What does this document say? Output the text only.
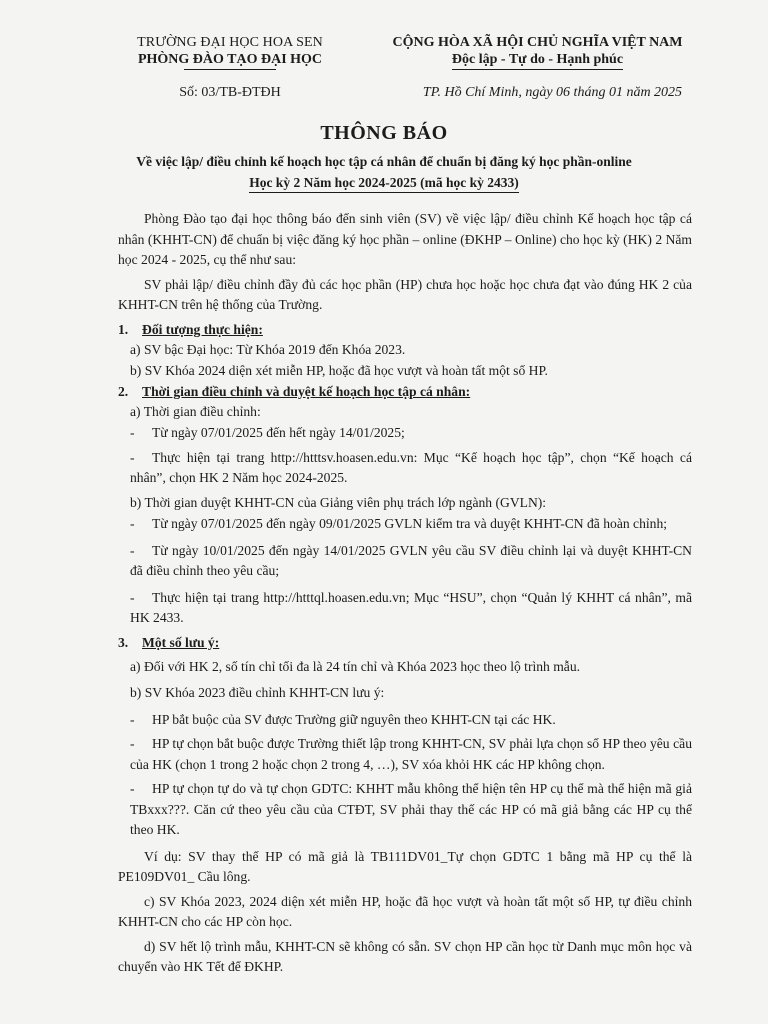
TRƯỜNG ĐẠI HỌC HOA SEN
PHÒNG ĐÀO TẠO ĐẠI HỌC
Số: 03/TB-ĐTĐH
CỘNG HÒA XÃ HỘI CHỦ NGHĨA VIỆT NAM
Độc lập - Tự do - Hạnh phúc
TP. Hồ Chí Minh, ngày 06 tháng 01 năm 2025
THÔNG BÁO
Về việc lập/ điều chỉnh kế hoạch học tập cá nhân để chuẩn bị đăng ký học phần-online
Học kỳ 2 Năm học 2024-2025 (mã học kỳ 2433)

Phòng Đào tạo đại học thông báo đến sinh viên (SV) về việc lập/ điều chỉnh Kế hoạch học tập cá nhân (KHHT-CN) để chuẩn bị việc đăng ký học phần – online (ĐKHP – Online) cho học kỳ (HK) 2 Năm học 2024 - 2025, cụ thể như sau:

SV phải lập/ điều chỉnh đầy đủ các học phần (HP) chưa học hoặc học chưa đạt vào đúng HK 2 của KHHT-CN trên hệ thống của Trường.

1. Đối tượng thực hiện:

a) SV bậc Đại học: Từ Khóa 2019 đến Khóa 2023.

b) SV Khóa 2024 diện xét miễn HP, hoặc đã học vượt và hoàn tất một số HP.

2. Thời gian điều chỉnh và duyệt kế hoạch học tập cá nhân:

a) Thời gian điều chỉnh:

- Từ ngày 07/01/2025 đến hết ngày 14/01/2025;

- Thực hiện tại trang http://htttsv.hoasen.edu.vn: Mục “Kế hoạch học tập”, chọn “Kế hoạch cá nhân”, chọn HK 2 Năm học 2024-2025.

b) Thời gian duyệt KHHT-CN của Giảng viên phụ trách lớp ngành (GVLN):

- Từ ngày 07/01/2025 đến ngày 09/01/2025 GVLN kiểm tra và duyệt KHHT-CN đã hoàn chỉnh;

- Từ ngày 10/01/2025 đến ngày 14/01/2025 GVLN yêu cầu SV điều chỉnh lại và duyệt KHHT-CN đã điều chỉnh theo yêu cầu;

- Thực hiện tại trang http://htttql.hoasen.edu.vn; Mục “HSU”, chọn “Quản lý KHHT cá nhân”, mã HK 2433.

3. Một số lưu ý:

a) Đối với HK 2, số tín chỉ tối đa là 24 tín chỉ và Khóa 2023 học theo lộ trình mẫu.

b) SV Khóa 2023 điều chỉnh KHHT-CN lưu ý:

- HP bắt buộc của SV được Trường giữ nguyên theo KHHT-CN tại các HK.

- HP tự chọn bắt buộc được Trường thiết lập trong KHHT-CN, SV phải lựa chọn số HP theo yêu cầu của HK (chọn 1 trong 2 hoặc chọn 2 trong 4, …), SV xóa khỏi HK các HP không chọn.

- HP tự chọn tự do và tự chọn GDTC: KHHT mẫu không thể hiện tên HP cụ thể mà thể hiện mã giả TBxxx???. Căn cứ theo yêu cầu của CTĐT, SV phải thay thế các HP có mã giả bằng các HP cụ thể theo HK.

Ví dụ: SV thay thế HP có mã giả là TB111DV01_Tự chọn GDTC 1 bằng mã HP cụ thể là PE109DV01_ Cầu lông.

c) SV Khóa 2023, 2024 diện xét miễn HP, hoặc đã học vượt và hoàn tất một số HP, tự điều chỉnh KHHT-CN cho các HP còn học.

d) SV hết lộ trình mẫu, KHHT-CN sẽ không có sẵn. SV chọn HP cần học từ Danh mục môn học và chuyển vào HK Tết để ĐKHP.
